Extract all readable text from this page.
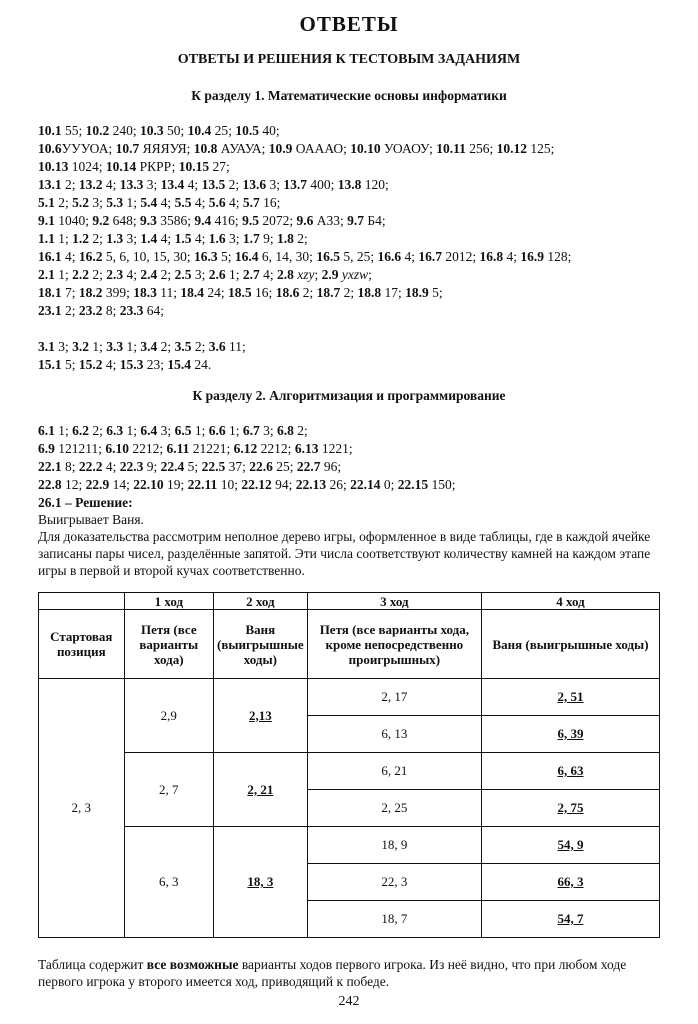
ОТВЕТЫ
ОТВЕТЫ И РЕШЕНИЯ К ТЕСТОВЫМ ЗАДАНИЯМ
К разделу 1. Математические основы информатики
10.1 55; 10.2 240; 10.3 50; 10.4 25; 10.5 40;
10.6УУУОА; 10.7 ЯЯЯУЯ; 10.8 АУАУА; 10.9 ОАААО; 10.10 УОАОУ; 10.11 256; 10.12 125;
10.13 1024; 10.14 РКРР; 10.15 27;
13.1 2; 13.2 4; 13.3 3; 13.4 4; 13.5 2; 13.6 3; 13.7 400; 13.8 120;
5.1 2; 5.2 3; 5.3 1; 5.4 4; 5.5 4; 5.6 4; 5.7 16;
9.1 1040; 9.2 648; 9.3 3586; 9.4 416; 9.5 2072; 9.6 А33; 9.7 Б4;
1.1 1; 1.2 2; 1.3 3; 1.4 4; 1.5 4; 1.6 3; 1.7 9; 1.8 2;
16.1 4; 16.2 5, 6, 10, 15, 30; 16.3 5; 16.4 6, 14, 30; 16.5 5, 25; 16.6 4; 16.7 2012; 16.8 4; 16.9 128;
2.1 1; 2.2 2; 2.3 4; 2.4 2; 2.5 3; 2.6 1; 2.7 4; 2.8 xzy; 2.9 yxzw;
18.1 7; 18.2 399; 18.3 11; 18.4 24; 18.5 16; 18.6 2; 18.7 2; 18.8 17; 18.9 5;
23.1 2; 23.2 8; 23.3 64;
3.1 3; 3.2 1; 3.3 1; 3.4 2; 3.5 2; 3.6 11;
15.1 5; 15.2 4; 15.3 23; 15.4 24.
К разделу 2. Алгоритмизация и программирование
6.1 1; 6.2 2; 6.3 1; 6.4 3; 6.5 1; 6.6 1; 6.7 3; 6.8 2;
6.9 121211; 6.10 2212; 6.11 21221; 6.12 2212; 6.13 1221;
22.1 8; 22.2 4; 22.3 9; 22.4 5; 22.5 37; 22.6 25; 22.7 96;
22.8 12; 22.9 14; 22.10 19; 22.11 10; 22.12 94; 22.13 26; 22.14 0; 22.15 150;
26.1 – Решение:
Выигрывает Ваня.
Для доказательства рассмотрим неполное дерево игры, оформленное в виде таблицы, где в каждой ячейке записаны пары чисел, разделённые запятой. Эти числа соответствуют количеству камней на каждом этапе игры в первой и второй кучах соответственно.
	1 ход	2 ход	3 ход	4 ход
Стартовая позиция	Петя (все варианты хода)	Ваня (выигрышные ходы)	Петя (все варианты хода, кроме непосредственно проигрышных)	Ваня (выигрышные ходы)
2, 3	2,9	2,13	2, 17	2, 51
			6, 13	6, 39
	2, 7	2, 21	6, 21	6, 63
			2, 25	2, 75
	6, 3	18, 3	18, 9	54, 9
			22, 3	66, 3
			18, 7	54, 7
Таблица содержит все возможные варианты ходов первого игрока. Из неё видно, что при любом ходе первого игрока у второго имеется ход, приводящий к победе.
242
